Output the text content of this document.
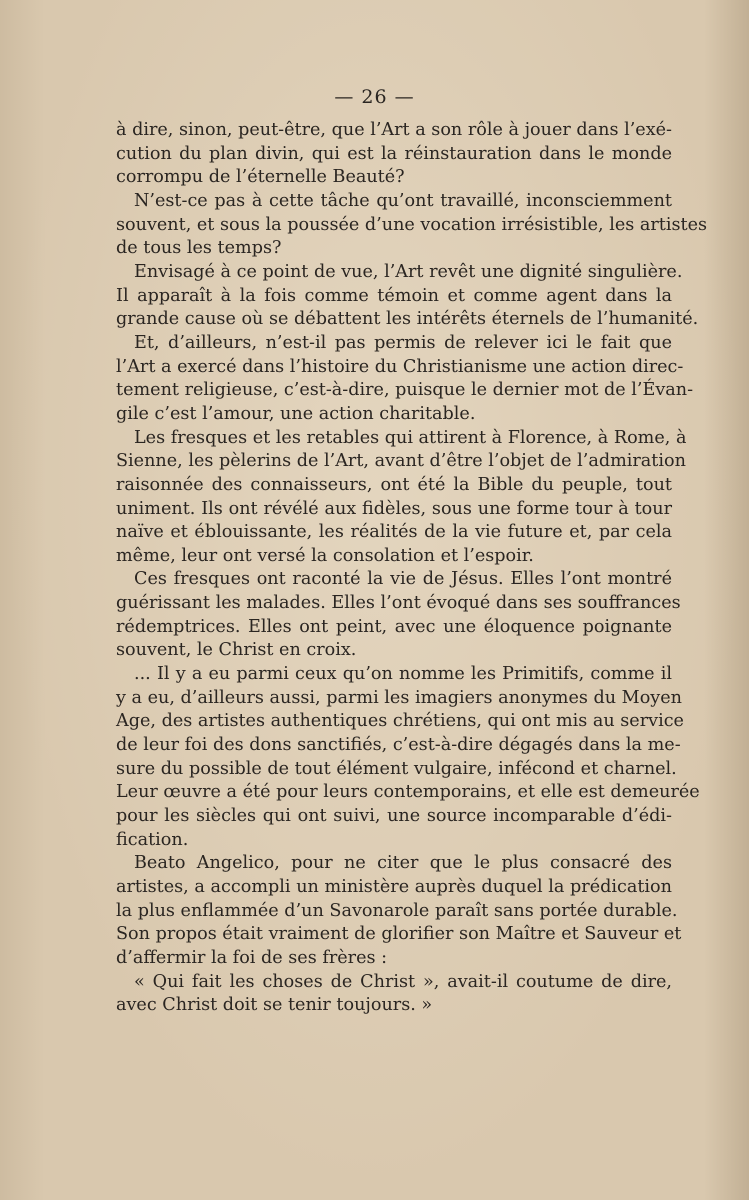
— 26 —
à dire, sinon, peut-être, que l’Art a son rôle à jouer dans l’exé-
cution du plan divin, qui est la réinstauration dans le monde
corrompu de l’éternelle Beauté?
N’est-ce pas à cette tâche qu’ont travaillé, inconsciemment
souvent, et sous la poussée d’une vocation irrésistible, les artistes
de tous les temps?
Envisagé à ce point de vue, l’Art revêt une dignité singulière.
Il apparaît à la fois comme témoin et comme agent dans la
grande cause où se débattent les intérêts éternels de l’humanité.
Et, d’ailleurs, n’est-il pas permis de relever ici le fait que
l’Art a exercé dans l’histoire du Christianisme une action direc-
tement religieuse, c’est-à-dire, puisque le dernier mot de l’Évan-
gile c’est l’amour, une action charitable.
Les fresques et les retables qui attirent à Florence, à Rome, à
Sienne, les pèlerins de l’Art, avant d’être l’objet de l’admiration
raisonnée des connaisseurs, ont été la Bible du peuple, tout
uniment. Ils ont révélé aux fidèles, sous une forme tour à tour
naïve et éblouissante, les réalités de la vie future et, par cela
même, leur ont versé la consolation et l’espoir.
Ces fresques ont raconté la vie de Jésus. Elles l’ont montré
guérissant les malades. Elles l’ont évoqué dans ses souffrances
rédemptrices. Elles ont peint, avec une éloquence poignante
souvent, le Christ en croix.
... Il y a eu parmi ceux qu’on nomme les Primitifs, comme il
y a eu, d’ailleurs aussi, parmi les imagiers anonymes du Moyen
Age, des artistes authentiques chrétiens, qui ont mis au service
de leur foi des dons sanctifiés, c’est-à-dire dégagés dans la me-
sure du possible de tout élément vulgaire, infécond et charnel.
Leur œuvre a été pour leurs contemporains, et elle est demeurée
pour les siècles qui ont suivi, une source incomparable d’édi-
fication.
Beato Angelico, pour ne citer que le plus consacré des
artistes, a accompli un ministère auprès duquel la prédication
la plus enflammée d’un Savonarole paraît sans portée durable.
Son propos était vraiment de glorifier son Maître et Sauveur et
d’affermir la foi de ses frères :
« Qui fait les choses de Christ », avait-il coutume de dire,
avec Christ doit se tenir toujours. »
